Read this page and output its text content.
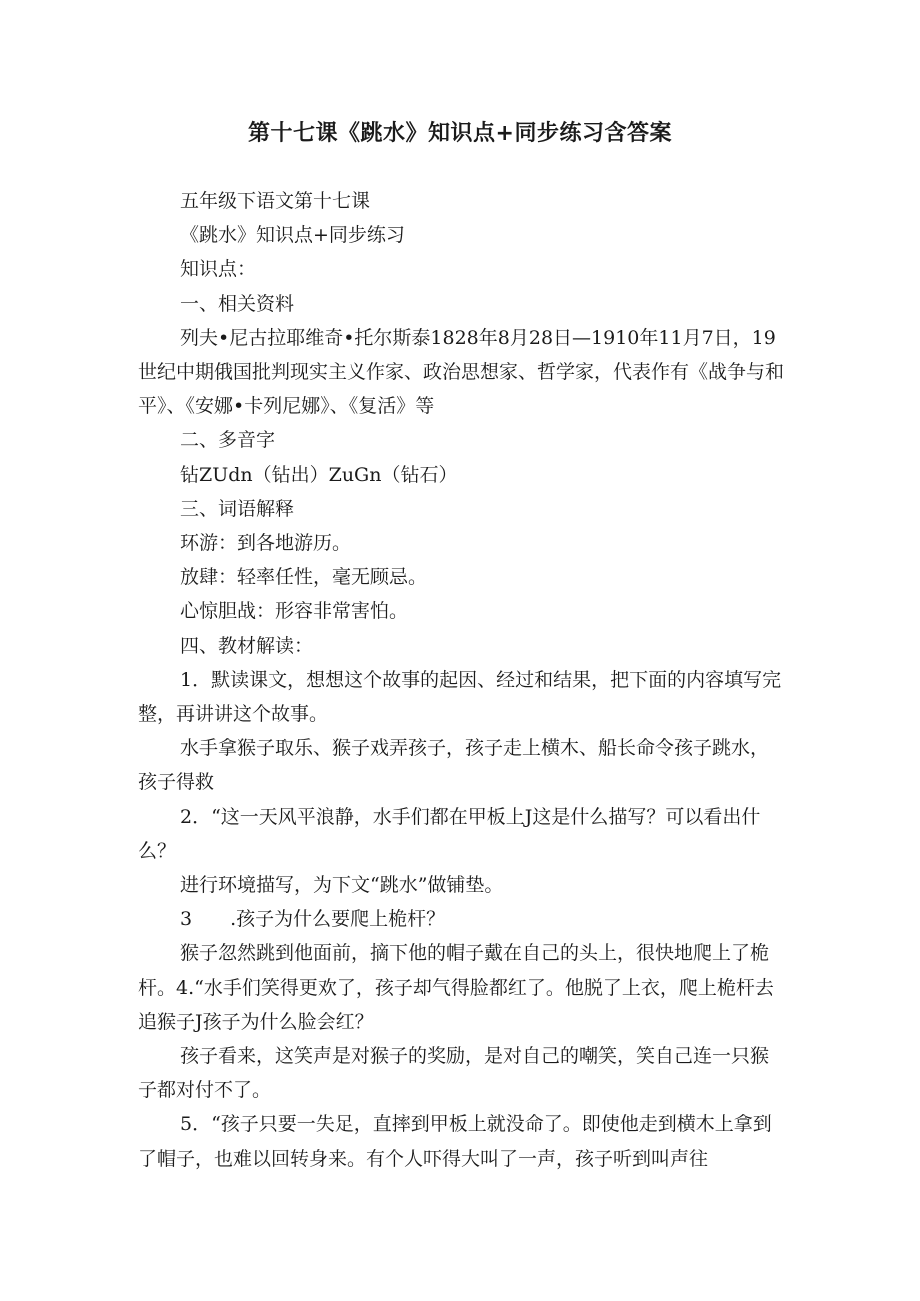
第十七课《跳水》知识点+同步练习含答案

五年级下语文第十七课

《跳水》知识点+同步练习

知识点：

一、相关资料

列夫•尼古拉耶维奇•托尔斯泰1828年8月28日—1910年11月7日，19世纪中期俄国批判现实主义作家、政治思想家、哲学家，代表作有《战争与和平》、《安娜•卡列尼娜》、《复活》等

二、多音字

钻ZUdn（钻出）ZuGn（钻石）

三、词语解释

环游：到各地游历。

放肆：轻率任性，毫无顾忌。

心惊胆战：形容非常害怕。

四、教材解读：

1．默读课文，想想这个故事的起因、经过和结果，把下面的内容填写完整，再讲讲这个故事。

水手拿猴子取乐、猴子戏弄孩子，孩子走上横木、船长命令孩子跳水，孩子得救

2．“这一天风平浪静，水手们都在甲板上J这是什么描写？可以看出什么？

进行环境描写，为下文“跳水”做铺垫。

3　　.孩子为什么要爬上桅杆？

猴子忽然跳到他面前，摘下他的帽子戴在自己的头上，很快地爬上了桅杆。4.“水手们笑得更欢了，孩子却气得脸都红了。他脱了上衣，爬上桅杆去追猴子J孩子为什么脸会红？

孩子看来，这笑声是对猴子的奖励，是对自己的嘲笑，笑自己连一只猴子都对付不了。

5．“孩子只要一失足，直摔到甲板上就没命了。即使他走到横木上拿到了帽子，也难以回转身来。有个人吓得大叫了一声，孩子听到叫声往
